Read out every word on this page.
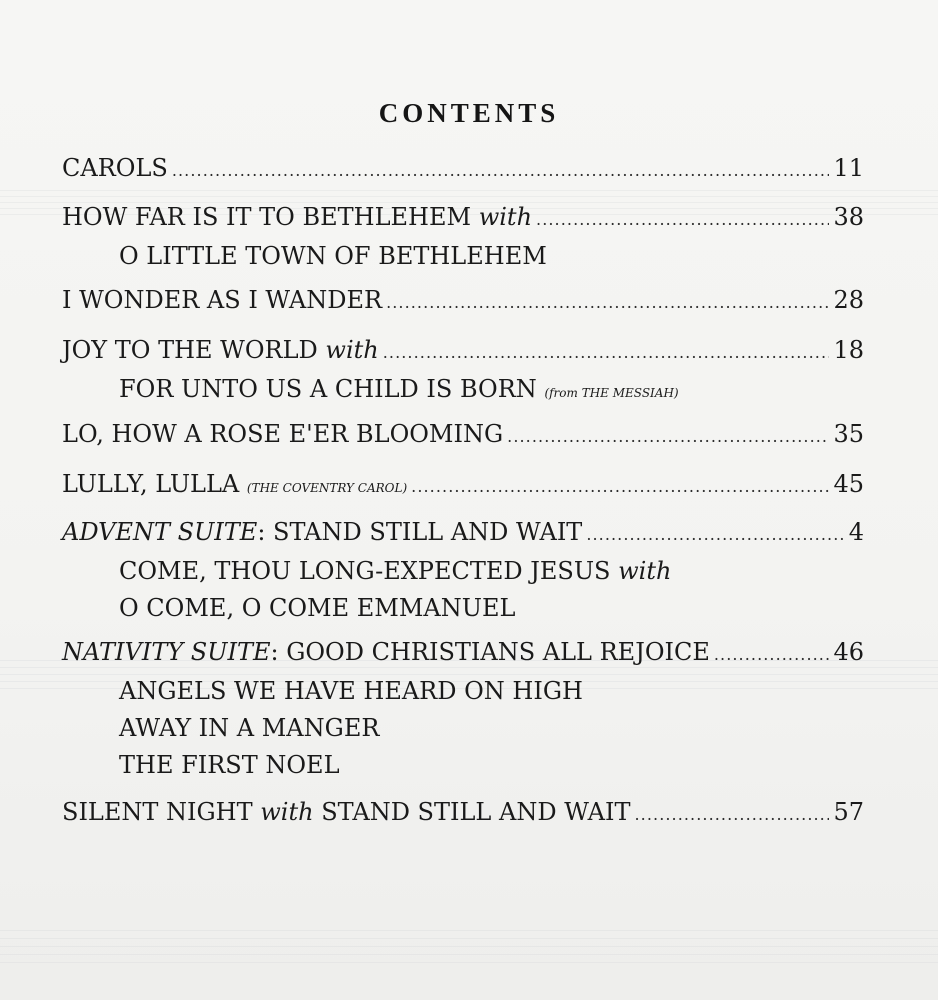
CONTENTS
CAROLS . . .	11
HOW FAR IS IT TO BETHLEHEM with . . .	38
O LITTLE TOWN OF BETHLEHEM
I WONDER AS I WANDER . . .	28
JOY TO THE WORLD with . . .	18
FOR UNTO US A CHILD IS BORN (from THE MESSIAH)
LO, HOW A ROSE E'ER BLOOMING . . .	35
LULLY, LULLA (THE COVENTRY CAROL) . . .	45
ADVENT SUITE: STAND STILL AND WAIT . . .	4
COME, THOU LONG-EXPECTED JESUS with
O COME, O COME EMMANUEL
NATIVITY SUITE: GOOD CHRISTIANS ALL REJOICE . . .	46
ANGELS WE HAVE HEARD ON HIGH
AWAY IN A MANGER
THE FIRST NOEL
SILENT NIGHT with STAND STILL AND WAIT . . .	57
